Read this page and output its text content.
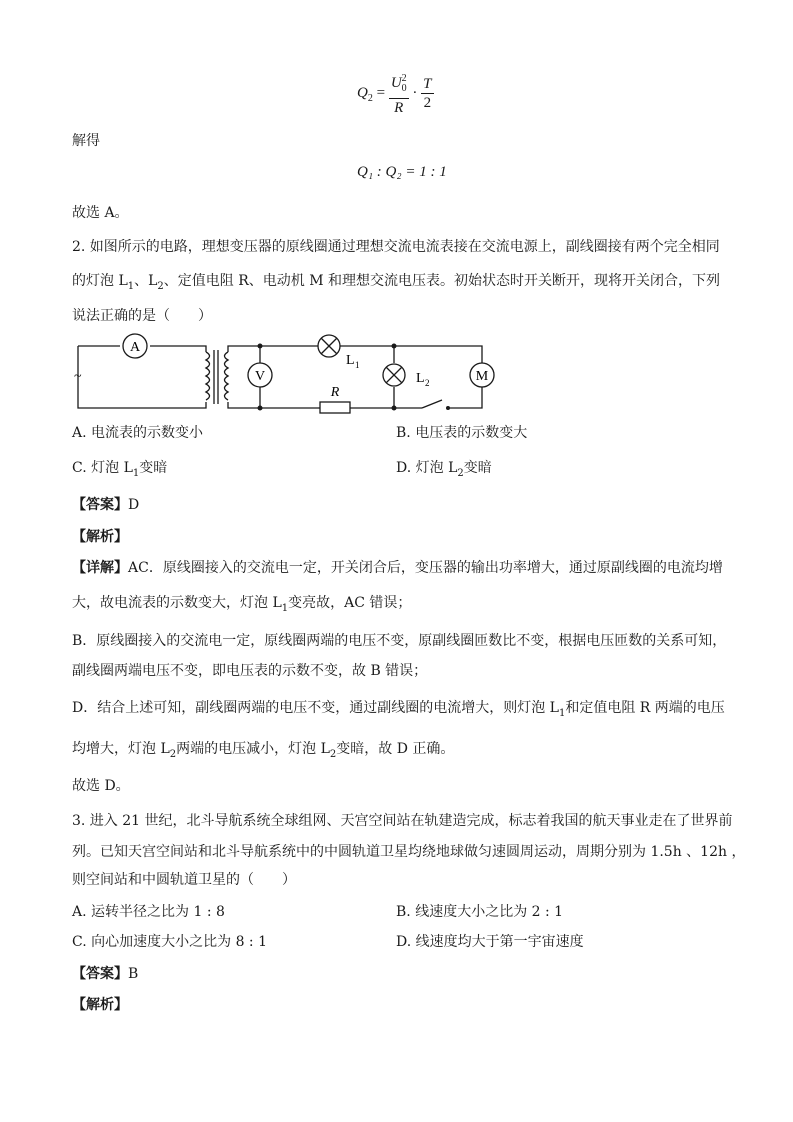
$Q_2 = \frac{U^2_0}{R} \cdot \frac{T}{2}$
解得
Q₁ : Q₂ = 1 : 1
故选 A。
2. 如图所示的电路，理想变压器的原线圈通过理想交流电流表接在交流电源上，副线圈接有两个完全相同
的灯泡 $L_1$、$L_2$、定值电阻 R、电动机 M 和理想交流电压表。初始状态时开关断开，现将开关闭合，下列
说法正确的是（　　）
A
V	M
R
L 1
L 2
~
A. 电流表的示数变小	B. 电压表的示数变大
C. 灯泡 $L_1$变暗	D. 灯泡 $L_2$变暗
【答案】D
【解析】
【详解】AC．原线圈接入的交流电一定，开关闭合后，变压器的输出功率增大，通过原副线圈的电流均增
大，故电流表的示数变大，灯泡 $L_1$变亮故，AC 错误；
B．原线圈接入的交流电一定，原线圈两端的电压不变，原副线圈匝数比不变，根据电压匝数的关系可知，
副线圈两端电压不变，即电压表的示数不变，故 B 错误；
D．结合上述可知，副线圈两端的电压不变，通过副线圈的电流增大，则灯泡 $L_1$和定值电阻 R 两端的电压
均增大，灯泡 $L_2$两端的电压减小，灯泡 $L_2$变暗，故 D 正确。
故选 D。
3. 进入 21 世纪，北斗导航系统全球组网、天宫空间站在轨建造完成，标志着我国的航天事业走在了世界前
列。已知天宫空间站和北斗导航系统中的中圆轨道卫星均绕地球做匀速圆周运动，周期分别为 1.5h 、12h ，
则空间站和中圆轨道卫星的（　　）
A. 运转半径之比为 1 : 8	B. 线速度大小之比为 2 : 1
C. 向心加速度大小之比为 8 : 1	D. 线速度均大于第一宇宙速度
【答案】B
【解析】
